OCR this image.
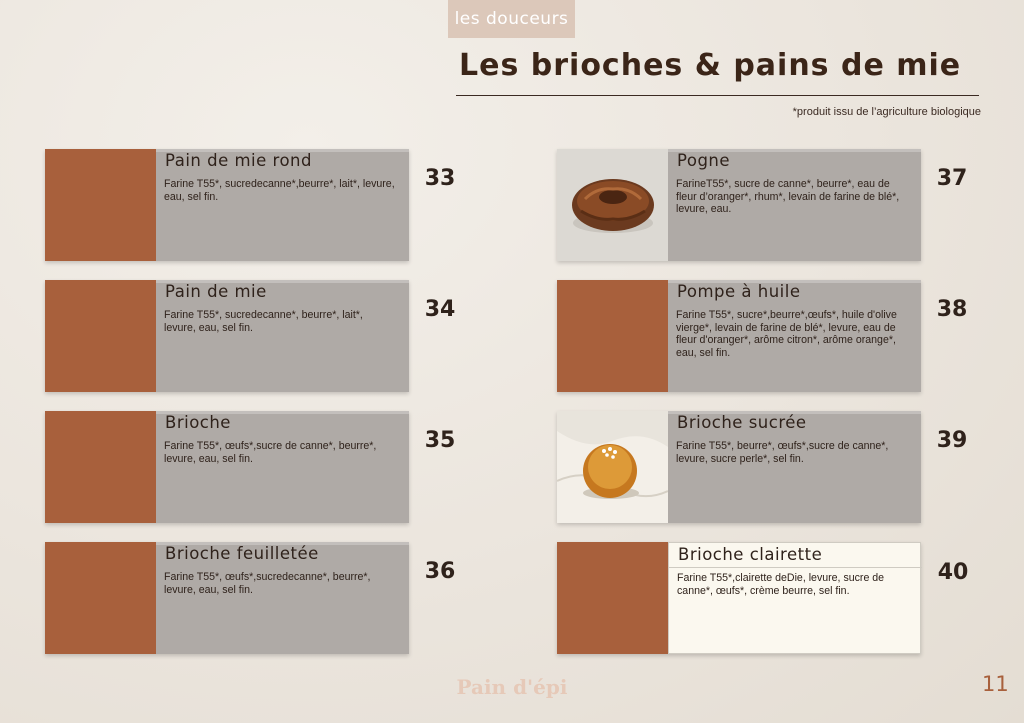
les douceurs
Les brioches & pains de mie
*produit issu de l’agriculture biologique
Pain de mie rond
Farine T55*, sucredecanne*,beurre*, lait*, levure, eau, sel fin.
33
Pain de mie
Farine T55*, sucredecanne*, beurre*, lait*, levure, eau, sel fin.
34
Brioche
Farine T55*, œufs*,sucre de canne*, beurre*, levure, eau, sel fin.
35
Brioche feuilletée
Farine T55*, œufs*,sucredecanne*, beurre*, levure, eau, sel fin.
36
Pogne
FarineT55*, sucre de canne*, beurre*, eau de fleur d’oranger*, rhum*, levain de farine de blé*, levure, eau.
37
Pompe à huile
Farine T55*, sucre*,beurre*,œufs*, huile d'olive vierge*, levain de farine de blé*, levure, eau de fleur d'oranger*, arôme citron*, arôme orange*, eau, sel fin.
38
Brioche sucrée
Farine T55*, beurre*, œufs*,sucre de canne*, levure, sucre perle*, sel fin.
39
Brioche clairette
Farine T55*,clairette deDie, levure, sucre de canne*, œufs*, crème beurre, sel fin.
40
Pain d'épi	11
